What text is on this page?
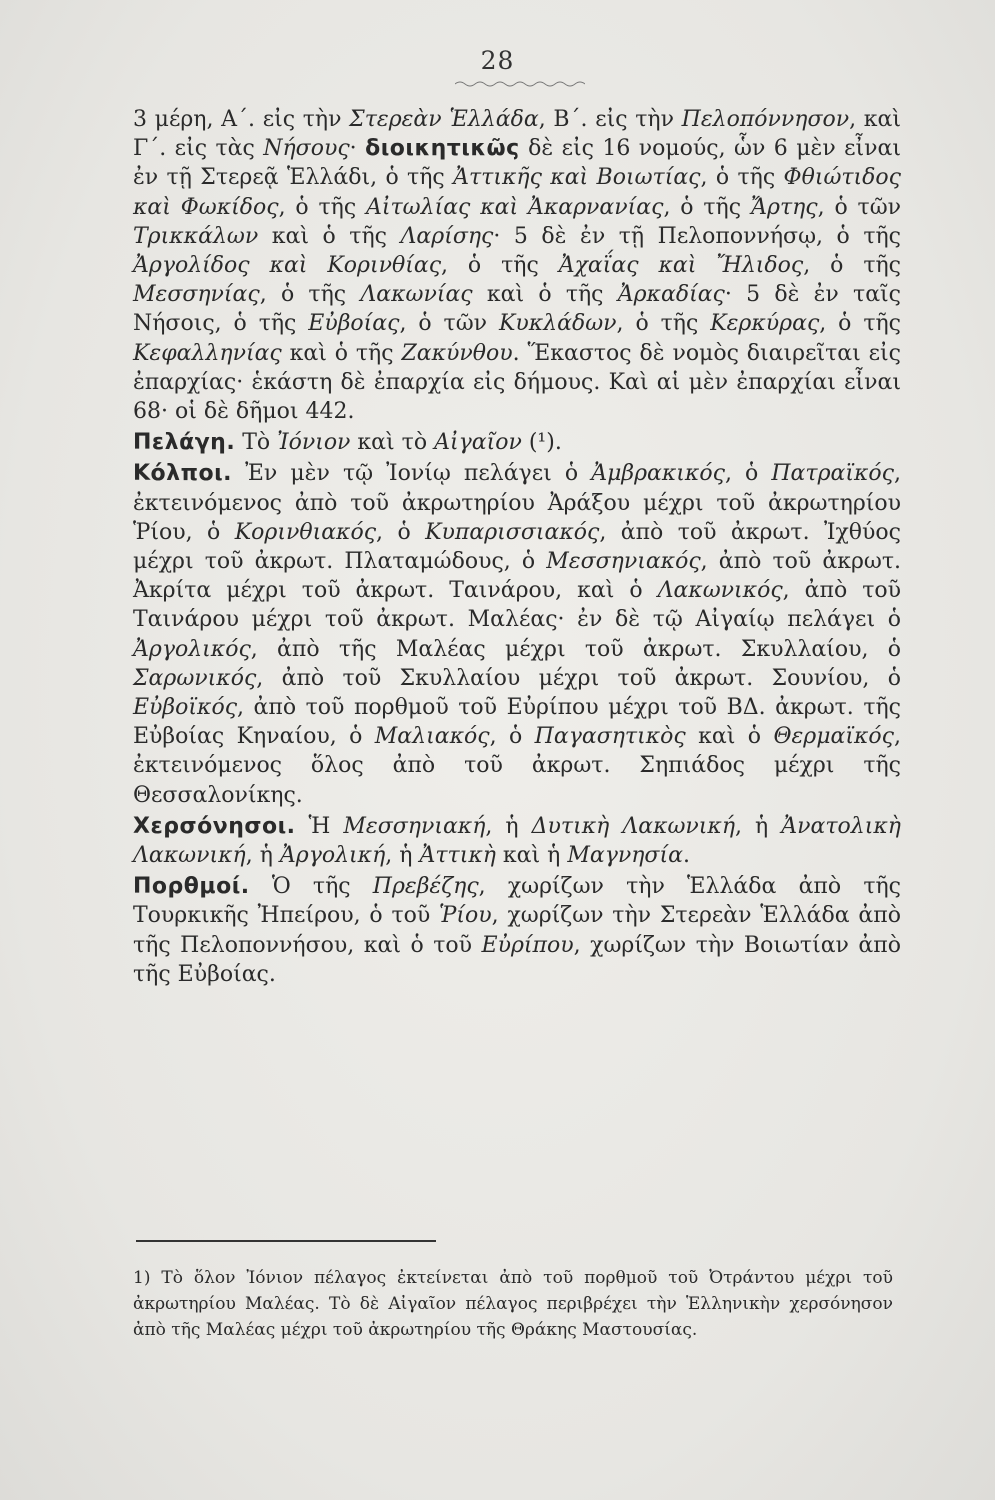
28

3 μέρη, Α΄. εἰς τὴν Στερεὰν Ἑλλάδα, Β΄. εἰς τὴν Πελοπόννησον, καὶ Γ΄. εἰς τὰς Νήσους· διοικητικῶς δὲ εἰς 16 νομούς, ὧν 6 μὲν εἶναι ἐν τῇ Στερεᾷ Ἑλλάδι, ὁ τῆς Ἀττικῆς καὶ Βοιωτίας, ὁ τῆς Φθιώτιδος καὶ Φωκίδος, ὁ τῆς Αἰτωλίας καὶ Ἀκαρνανίας, ὁ τῆς Ἄρτης, ὁ τῶν Τρικκάλων καὶ ὁ τῆς Λαρίσης· 5 δὲ ἐν τῇ Πελοποννήσῳ, ὁ τῆς Ἀργολίδος καὶ Κορινθίας, ὁ τῆς Ἀχαΐας καὶ Ἤλιδος, ὁ τῆς Μεσσηνίας, ὁ τῆς Λακωνίας καὶ ὁ τῆς Ἀρκαδίας· 5 δὲ ἐν ταῖς Νήσοις, ὁ τῆς Εὐβοίας, ὁ τῶν Κυκλάδων, ὁ τῆς Κερκύρας, ὁ τῆς Κεφαλληνίας καὶ ὁ τῆς Ζακύνθου. Ἕκαστος δὲ νομὸς διαιρεῖται εἰς ἐπαρχίας· ἑκάστη δὲ ἐπαρχία εἰς δήμους. Καὶ αἱ μὲν ἐπαρχίαι εἶναι 68· οἱ δὲ δῆμοι 442.

Πελάγη. Τὸ Ἰόνιον καὶ τὸ Αἰγαῖον (¹).

Κόλποι. Ἐν μὲν τῷ Ἰονίῳ πελάγει ὁ Ἀμβρακικός, ὁ Πατραϊκός, ἐκτεινόμενος ἀπὸ τοῦ ἀκρωτηρίου Ἀράξου μέχρι τοῦ ἀκρωτηρίου Ῥίου, ὁ Κορινθιακός, ὁ Κυπαρισσιακός, ἀπὸ τοῦ ἀκρωτ. Ἰχθύος μέχρι τοῦ ἀκρωτ. Πλαταμώδους, ὁ Μεσσηνιακός, ἀπὸ τοῦ ἀκρωτ. Ἀκρίτα μέχρι τοῦ ἀκρωτ. Ταινάρου, καὶ ὁ Λακωνικός, ἀπὸ τοῦ Ταινάρου μέχρι τοῦ ἀκρωτ. Μαλέας· ἐν δὲ τῷ Αἰγαίῳ πελάγει ὁ Ἀργολικός, ἀπὸ τῆς Μαλέας μέχρι τοῦ ἀκρωτ. Σκυλλαίου, ὁ Σαρωνικός, ἀπὸ τοῦ Σκυλλαίου μέχρι τοῦ ἀκρωτ. Σουνίου, ὁ Εὐβοϊκός, ἀπὸ τοῦ πορθμοῦ τοῦ Εὐρίπου μέχρι τοῦ ΒΔ. ἀκρωτ. τῆς Εὐβοίας Κηναίου, ὁ Μαλιακός, ὁ Παγασητικὸς καὶ ὁ Θερμαϊκός, ἐκτεινόμενος ὅλος ἀπὸ τοῦ ἀκρωτ. Σηπιάδος μέχρι τῆς Θεσσαλονίκης.

Χερσόνησοι. Ἡ Μεσσηνιακή, ἡ Δυτικὴ Λακωνική, ἡ Ἀνατολικὴ Λακωνική, ἡ Ἀργολική, ἡ Ἀττικὴ καὶ ἡ Μαγνησία.

Πορθμοί. Ὁ τῆς Πρεβέζης, χωρίζων τὴν Ἑλλάδα ἀπὸ τῆς Τουρκικῆς Ἠπείρου, ὁ τοῦ Ῥίου, χωρίζων τὴν Στερεὰν Ἑλλάδα ἀπὸ τῆς Πελοποννήσου, καὶ ὁ τοῦ Εὐρίπου, χωρίζων τὴν Βοιωτίαν ἀπὸ τῆς Εὐβοίας.

1) Τὸ ὅλον Ἰόνιον πέλαγος ἐκτείνεται ἀπὸ τοῦ πορθμοῦ τοῦ Ὀτράντου μέχρι τοῦ ἀκρωτηρίου Μαλέας. Τὸ δὲ Αἰγαῖον πέλαγος περιβρέχει τὴν Ἑλληνικὴν χερσόνησον ἀπὸ τῆς Μαλέας μέχρι τοῦ ἀκρωτηρίου τῆς Θράκης Μαστουσίας.
